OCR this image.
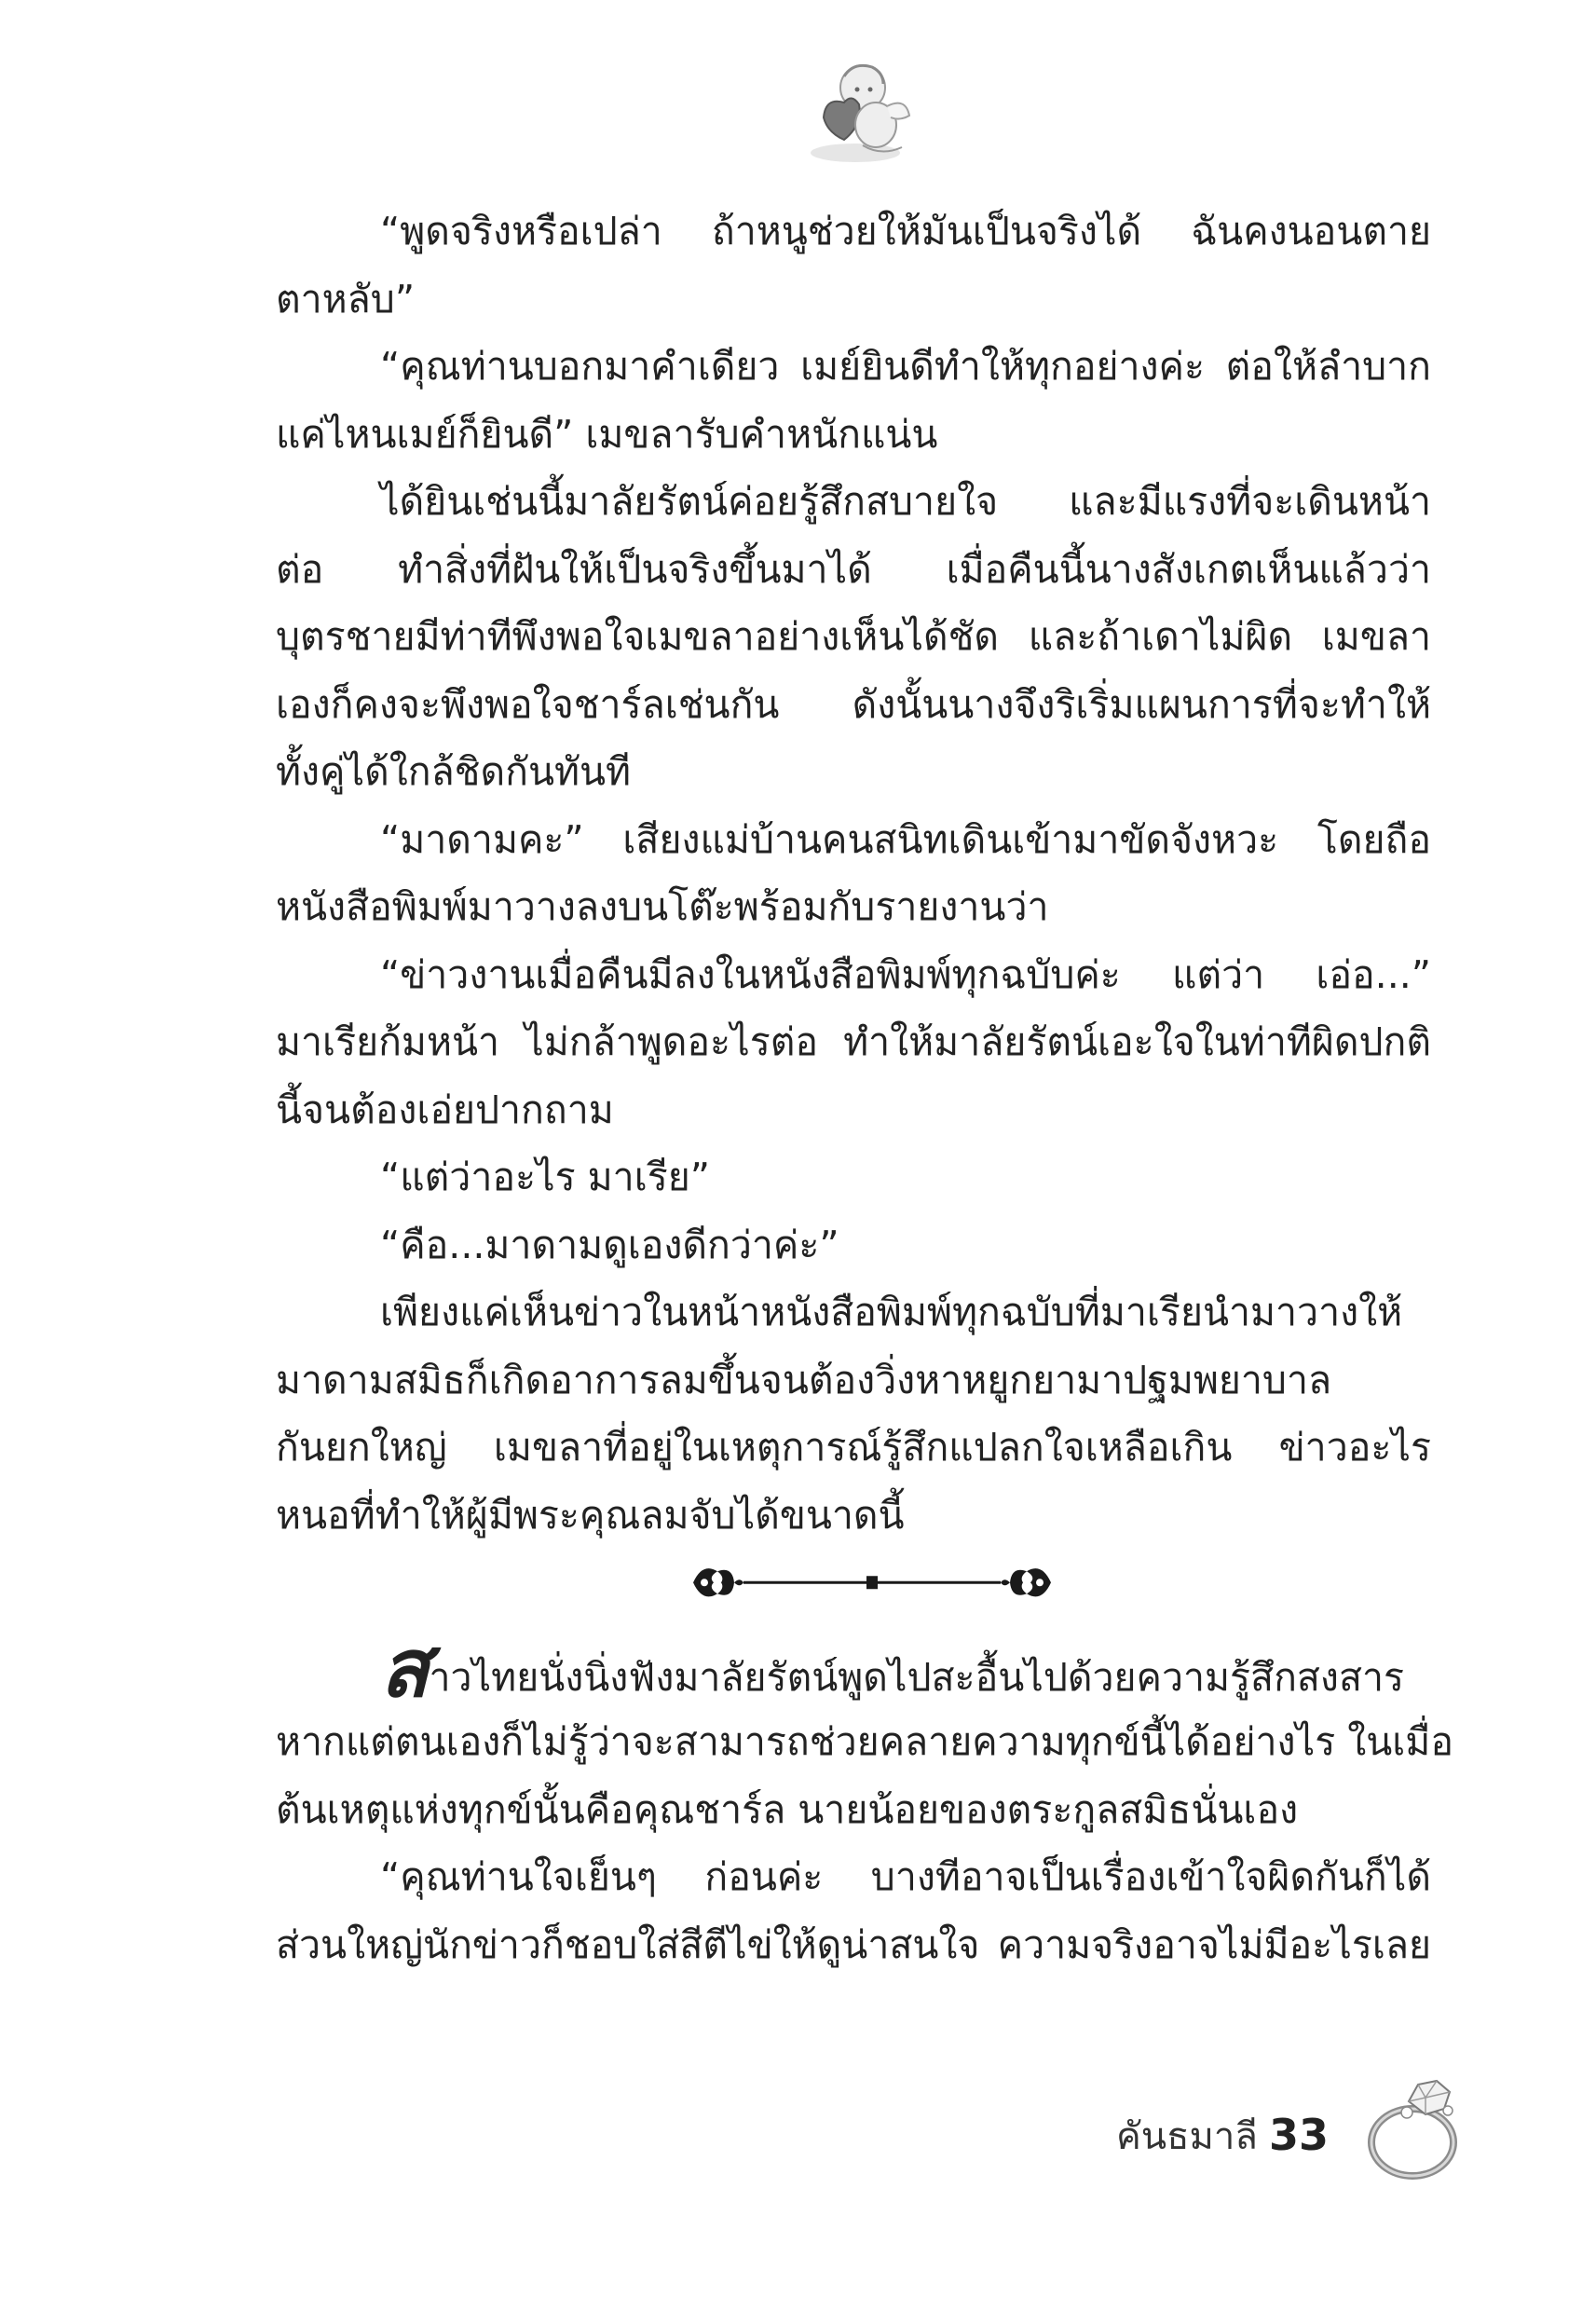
“พูดจริงหรือเปล่า ถ้าหนูช่วยให้มันเป็นจริงได้ ฉันคงนอนตาย
ตาหลับ”
“คุณท่านบอกมาคำเดียว เมย์ยินดีทำให้ทุกอย่างค่ะ ต่อให้ลำบาก
แค่ไหนเมย์ก็ยินดี” เมขลารับคำหนักแน่น
ได้ยินเช่นนี้มาลัยรัตน์ค่อยรู้สึกสบายใจ และมีแรงที่จะเดินหน้า
ต่อ ทำสิ่งที่ฝันให้เป็นจริงขึ้นมาได้ เมื่อคืนนี้นางสังเกตเห็นแล้วว่า
บุตรชายมีท่าทีพึงพอใจเมขลาอย่างเห็นได้ชัด และถ้าเดาไม่ผิด เมขลา
เองก็คงจะพึงพอใจชาร์ลเช่นกัน ดังนั้นนางจึงริเริ่มแผนการที่จะทำให้
ทั้งคู่ได้ใกล้ชิดกันทันที
“มาดามคะ” เสียงแม่บ้านคนสนิทเดินเข้ามาขัดจังหวะ โดยถือ
หนังสือพิมพ์มาวางลงบนโต๊ะพร้อมกับรายงานว่า
“ข่าวงานเมื่อคืนมีลงในหนังสือพิมพ์ทุกฉบับค่ะ แต่ว่า เอ่อ...”
มาเรียก้มหน้า ไม่กล้าพูดอะไรต่อ ทำให้มาลัยรัตน์เอะใจในท่าทีผิดปกติ
นี้จนต้องเอ่ยปากถาม
“แต่ว่าอะไร มาเรีย”
“คือ...มาดามดูเองดีกว่าค่ะ”
เพียงแค่เห็นข่าวในหน้าหนังสือพิมพ์ทุกฉบับที่มาเรียนำมาวางให้
มาดามสมิธก็เกิดอาการลมขึ้นจนต้องวิ่งหาหยูกยามาปฐมพยาบาล
กันยกใหญ่ เมขลาที่อยู่ในเหตุการณ์รู้สึกแปลกใจเหลือเกิน ข่าวอะไร
หนอที่ทำให้ผู้มีพระคุณลมจับได้ขนาดนี้
สาวไทยนั่งนิ่งฟังมาลัยรัตน์พูดไปสะอื้นไปด้วยความรู้สึกสงสาร
หากแต่ตนเองก็ไม่รู้ว่าจะสามารถช่วยคลายความทุกข์นี้ได้อย่างไร ในเมื่อ
ต้นเหตุแห่งทุกข์นั้นคือคุณชาร์ล นายน้อยของตระกูลสมิธนั่นเอง
“คุณท่านใจเย็นๆ ก่อนค่ะ บางทีอาจเป็นเรื่องเข้าใจผิดกันก็ได้
ส่วนใหญ่นักข่าวก็ชอบใส่สีตีไข่ให้ดูน่าสนใจ ความจริงอาจไม่มีอะไรเลย
คันธมาลี 33
